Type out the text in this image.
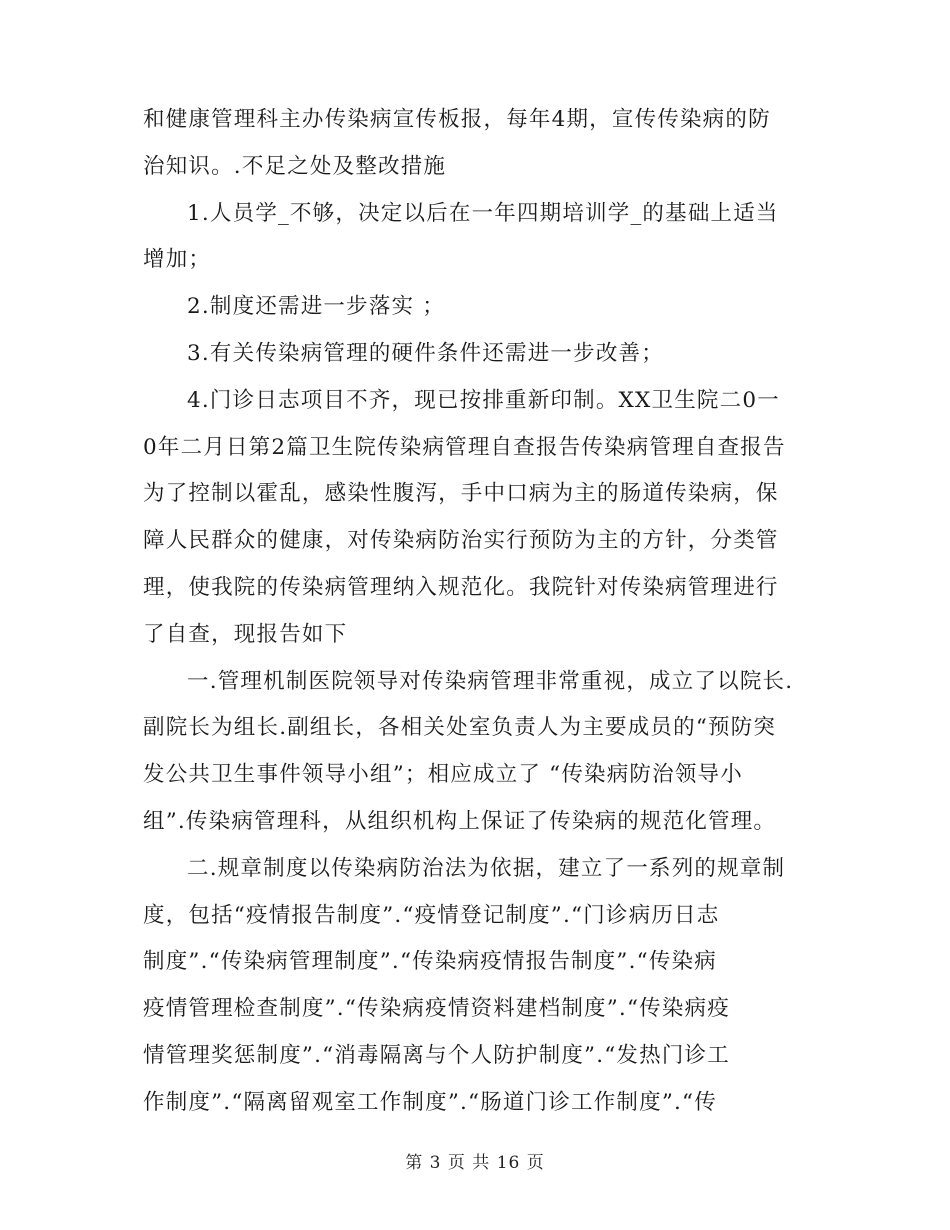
和健康管理科主办传染病宣传板报，每年4期，宣传传染病的防
治知识。.不足之处及整改措施
1.人员学_不够，决定以后在一年四期培训学_的基础上适当
增加；
2.制度还需进一步落实 ；
3.有关传染病管理的硬件条件还需进一步改善；
4.门诊日志项目不齐，现已按排重新印制。XX卫生院二0一
0年二月日第2篇卫生院传染病管理自查报告传染病管理自查报告
为了控制以霍乱，感染性腹泻，手中口病为主的肠道传染病，保
障人民群众的健康，对传染病防治实行预防为主的方针，分类管
理，使我院的传染病管理纳入规范化。我院针对传染病管理进行
了自查，现报告如下
一.管理机制医院领导对传染病管理非常重视，成立了以院长.
副院长为组长.副组长，各相关处室负责人为主要成员的“预防突
发公共卫生事件领导小组”；相应成立了 “传染病防治领导小
组”.传染病管理科，从组织机构上保证了传染病的规范化管理。
二.规章制度以传染病防治法为依据，建立了一系列的规章制
度，包括“疫情报告制度”.“疫情登记制度”.“门诊病历日志
制度”.“传染病管理制度”.“传染病疫情报告制度”.“传染病
疫情管理检查制度”.“传染病疫情资料建档制度”.“传染病疫
情管理奖惩制度”.“消毒隔离与个人防护制度”.“发热门诊工
作制度”.“隔离留观室工作制度”.“肠道门诊工作制度”.“传
第 3 页 共 16 页
